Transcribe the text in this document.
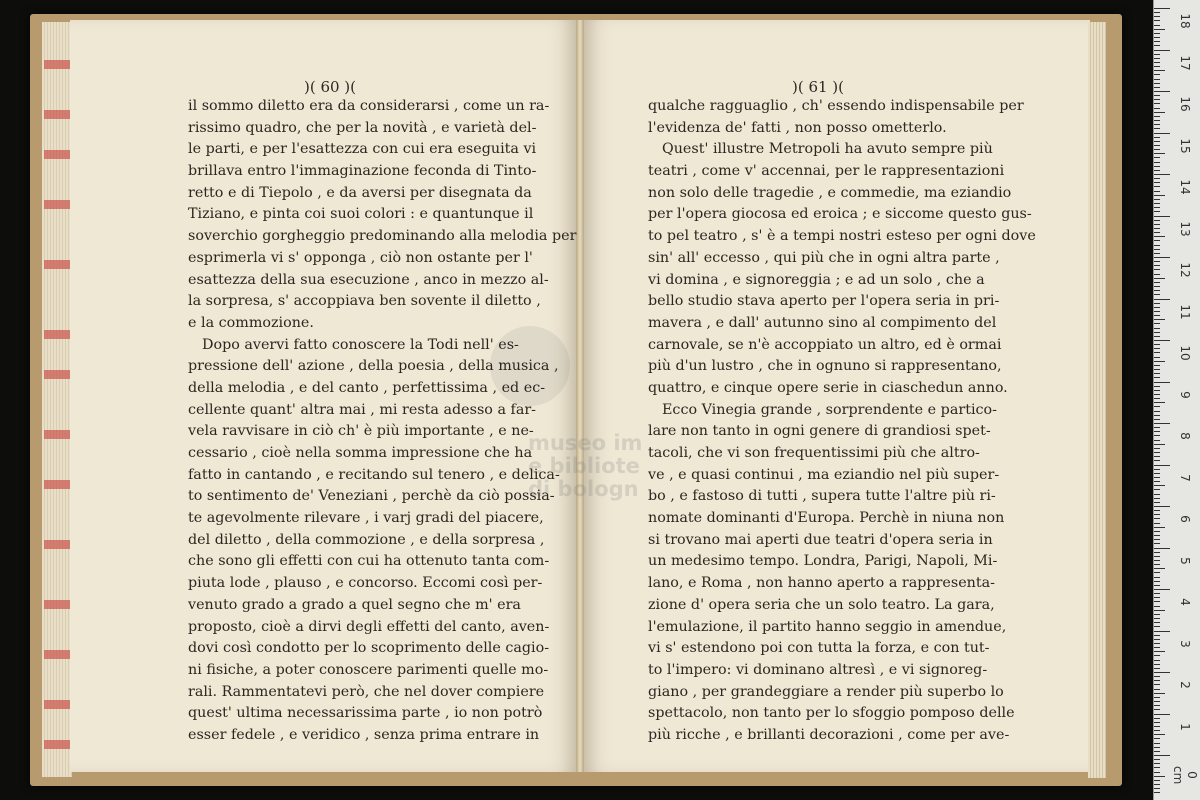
museo im
e bibliote
di bologn
)( 60 )(	)( 61 )(
il sommo diletto era da considerarsi , come un ra-
rissimo quadro, che per la novità , e varietà del-
le parti, e per l'esattezza con cui era eseguita vi
brillava entro l'immaginazione feconda di Tinto-
retto e di Tiepolo , e da aversi per disegnata da
Tiziano, e pinta coi suoi colori : e quantunque il
soverchio gorgheggio predominando alla melodia per
esprimerla vi s' opponga , ciò non ostante per l'
esattezza della sua esecuzione , anco in mezzo al-
la sorpresa, s' accoppiava ben sovente il diletto ,
e la commozione.
Dopo avervi fatto conoscere la Todi nell' es-
pressione dell' azione , della poesia , della musica ,
della melodia , e del canto , perfettissima , ed ec-
cellente quant' altra mai , mi resta adesso a far-
vela ravvisare in ciò ch' è più importante , e ne-
cessario , cioè nella somma impressione che ha
fatto in cantando , e recitando sul tenero , e delica-
to sentimento de' Veneziani , perchè da ciò possia-
te agevolmente rilevare , i varj gradi del piacere,
del diletto , della commozione , e della sorpresa ,
che sono gli effetti con cui ha ottenuto tanta com-
piuta lode , plauso , e concorso. Eccomi così per-
venuto grado a grado a quel segno che m' era
proposto, cioè a dirvi degli effetti del canto, aven-
dovi così condotto per lo scoprimento delle cagio-
ni fisiche, a poter conoscere parimenti quelle mo-
rali. Rammentatevi però, che nel dover compiere
quest' ultima necessarissima parte , io non potrò
esser fedele , e veridico , senza prima entrare in
qualche ragguaglio , ch' essendo indispensabile per
l'evidenza de' fatti , non posso ometterlo.
Quest' illustre Metropoli ha avuto sempre più
teatri , come v' accennai, per le rappresentazioni
non solo delle tragedie , e commedie, ma eziandio
per l'opera giocosa ed eroica ; e siccome questo gus-
to pel teatro , s' è a tempi nostri esteso per ogni dove
sin' all' eccesso , qui più che in ogni altra parte ,
vi domina , e signoreggia ; e ad un solo , che a
bello studio stava aperto per l'opera seria in pri-
mavera , e dall' autunno sino al compimento del
carnovale, se n'è accoppiato un altro, ed è ormai
più d'un lustro , che in ognuno si rappresentano,
quattro, e cinque opere serie in ciaschedun anno.
Ecco Vinegia grande , sorprendente e partico-
lare non tanto in ogni genere di grandiosi spet-
tacoli, che vi son frequentissimi più che altro-
ve , e quasi continui , ma eziandio nel più super-
bo , e fastoso di tutti , supera tutte l'altre più ri-
nomate dominanti d'Europa. Perchè in niuna non
si trovano mai aperti due teatri d'opera seria in
un medesimo tempo. Londra, Parigi, Napoli, Mi-
lano, e Roma , non hanno aperto a rappresenta-
zione d' opera seria che un solo teatro. La gara,
l'emulazione, il partito hanno seggio in amendue,
vi s' estendono poi con tutta la forza, e con tut-
to l'impero: vi dominano altresì , e vi signoreg-
giano , per grandeggiare a render più superbo lo
spettacolo, non tanto per lo sfoggio pomposo delle
più ricche , e brillanti decorazioni , come per ave-
18
17
16
15
14
13
12
11
10
9
8
7
6
5
4
3
2
1
0 cm
